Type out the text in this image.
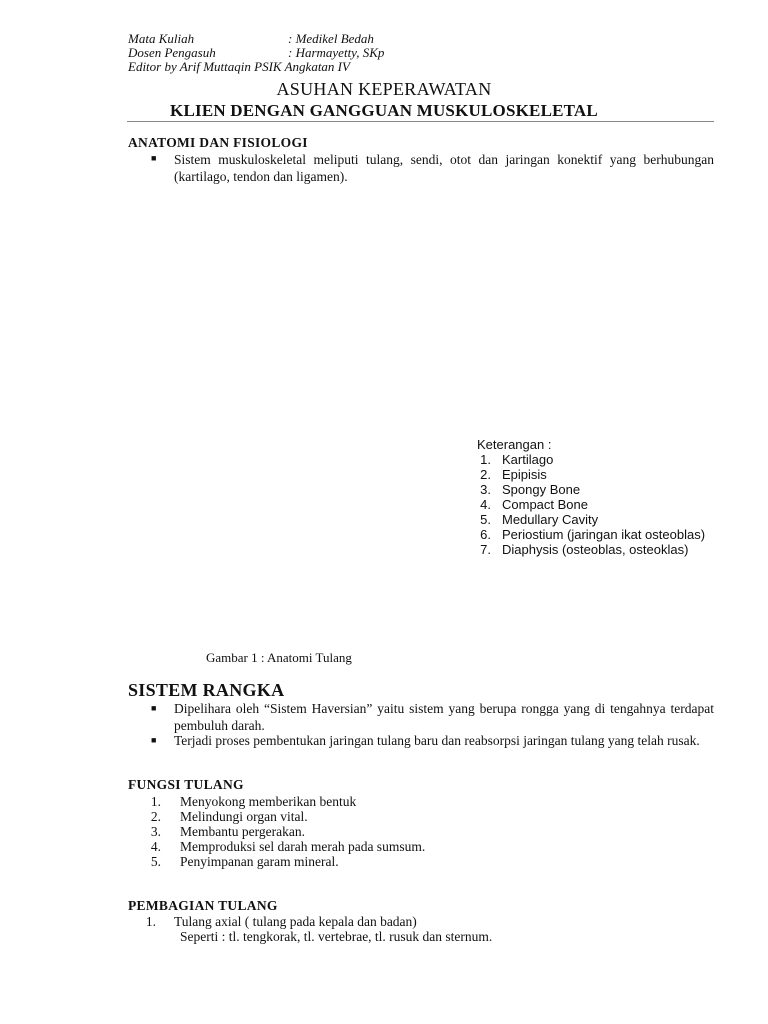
Mata Kuliah	: Medikel Bedah
Dosen Pengasuh	: Harmayetty, SKp
Editor by Arif Muttaqin PSIK Angkatan IV
ASUHAN KEPERAWATAN
KLIEN DENGAN GANGGUAN MUSKULOSKELETAL
ANATOMI DAN FISIOLOGI
■ Sistem muskuloskeletal meliputi tulang, sendi, otot dan jaringan konektif yang berhubungan (kartilago, tendon dan ligamen).
Keterangan :
1. Kartilago
2. Epipisis
3. Spongy Bone
4. Compact Bone
5. Medullary Cavity
6. Periostium (jaringan ikat osteoblas)
7. Diaphysis (osteoblas, osteoklas)
Gambar 1 : Anatomi Tulang
SISTEM RANGKA
■ Dipelihara oleh “Sistem Haversian” yaitu sistem yang berupa rongga yang di tengahnya terdapat pembuluh darah.
■ Terjadi proses pembentukan jaringan tulang baru dan reabsorpsi jaringan tulang yang telah rusak.
FUNGSI TULANG
1. Menyokong memberikan bentuk
2. Melindungi organ vital.
3. Membantu pergerakan.
4. Memproduksi sel darah merah pada sumsum.
5. Penyimpanan garam mineral.
PEMBAGIAN TULANG
1. Tulang axial ( tulang pada kepala dan badan)
Seperti : tl. tengkorak, tl. vertebrae, tl. rusuk dan sternum.
